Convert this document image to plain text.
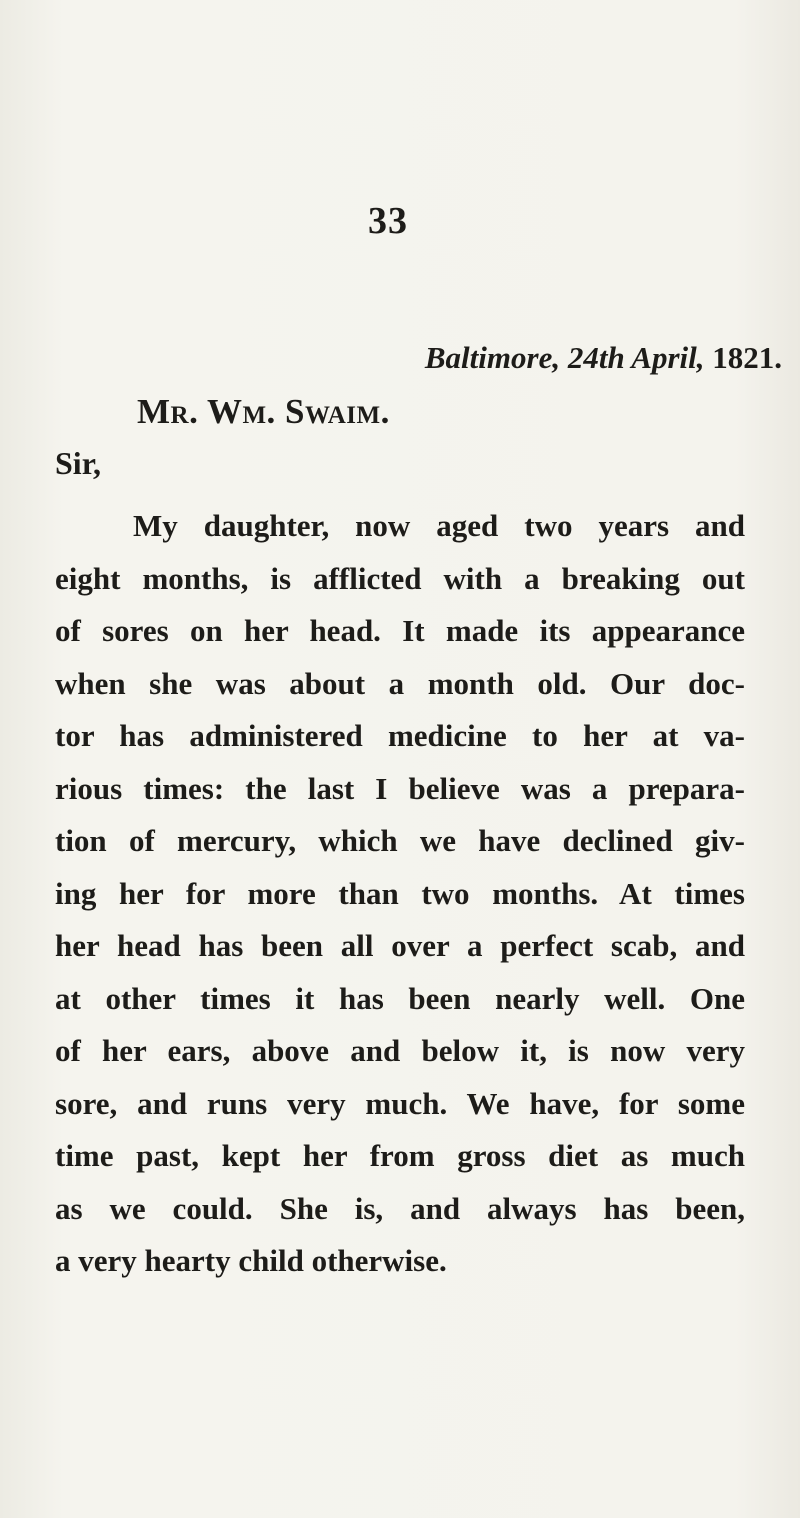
33
Baltimore, 24th April, 1821.
Mr. Wm. Swaim.
Sir,
My daughter, now aged two years and
eight months, is afflicted with a breaking out
of sores on her head. It made its appearance
when she was about a month old. Our doc-
tor has administered medicine to her at va-
rious times: the last I believe was a prepara-
tion of mercury, which we have declined giv-
ing her for more than two months. At times
her head has been all over a perfect scab, and
at other times it has been nearly well. One
of her ears, above and below it, is now very
sore, and runs very much. We have, for some
time past, kept her from gross diet as much
as we could. She is, and always has been,
a very hearty child otherwise.
